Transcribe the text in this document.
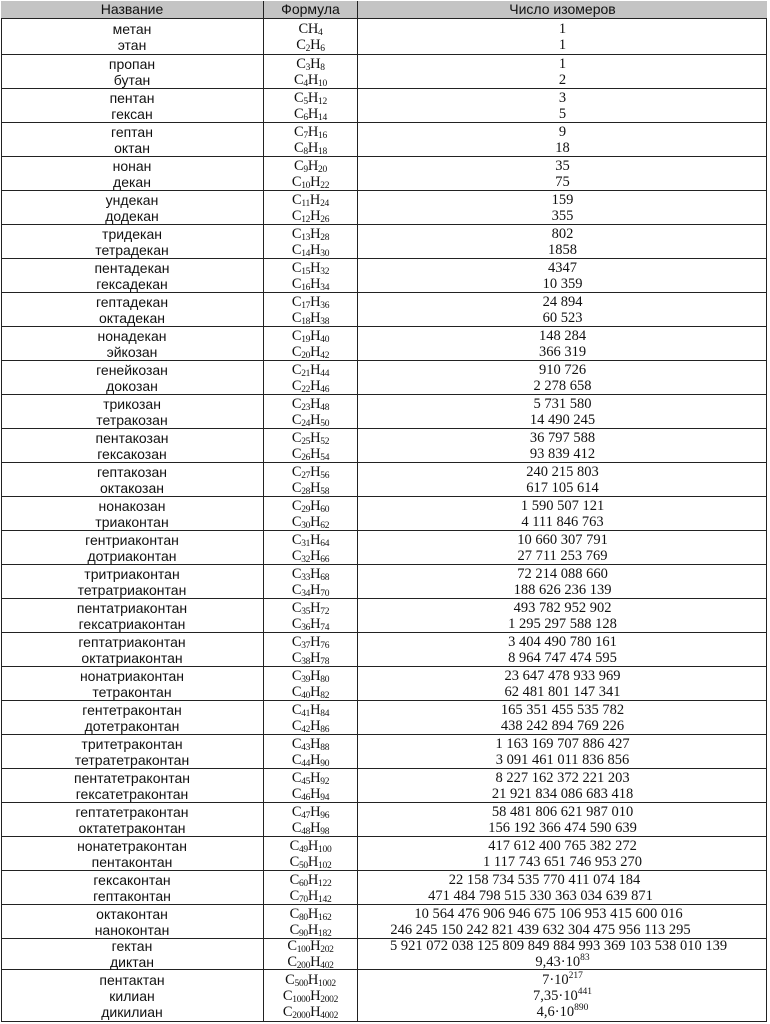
Название	Формула	Число изомеров
метан
этан
$CH_4$
$C_2H_6$
1
1
пропан
бутан
$C_3H_8$
$C_4H_{10}$
1
2
пентан
гексан
$C_5H_{12}$
$C_6H_{14}$
3
5
гептан
октан
$C_7H_{16}$
$C_8H_{18}$
9
18
нонан
декан
$C_9H_{20}$
$C_{10}H_{22}$
35
75
ундекан
додекан
$C_{11}H_{24}$
$C_{12}H_{26}$
159
355
тридекан
тетрадекан
$C_{13}H_{28}$
$C_{14}H_{30}$
802
1858
пентадекан
гексадекан
$C_{15}H_{32}$
$C_{16}H_{34}$
4347
10 359
гептадекан
октадекан
$C_{17}H_{36}$
$C_{18}H_{38}$
24 894
60 523
нонадекан
эйкозан
$C_{19}H_{40}$
$C_{20}H_{42}$
148 284
366 319
генейкозан
докозан
$C_{21}H_{44}$
$C_{22}H_{46}$
910 726
2 278 658
трикозан
тетракозан
$C_{23}H_{48}$
$C_{24}H_{50}$
5 731 580
14 490 245
пентакозан
гексакозан
$C_{25}H_{52}$
$C_{26}H_{54}$
36 797 588
93 839 412
гептакозан
октакозан
$C_{27}H_{56}$
$C_{28}H_{58}$
240 215 803
617 105 614
нонакозан
триаконтан
$C_{29}H_{60}$
$C_{30}H_{62}$
1 590 507 121
4 111 846 763
гентриаконтан
дотриаконтан
$C_{31}H_{64}$
$C_{32}H_{66}$
10 660 307 791
27 711 253 769
тритриаконтан
тетратриаконтан
$C_{33}H_{68}$
$C_{34}H_{70}$
72 214 088 660
188 626 236 139
пентатриаконтан
гексатриаконтан
$C_{35}H_{72}$
$C_{36}H_{74}$
493 782 952 902
1 295 297 588 128
гептатриаконтан
октатриаконтан
$C_{37}H_{76}$
$C_{38}H_{78}$
3 404 490 780 161
8 964 747 474 595
нонатриаконтан
тетраконтан
$C_{39}H_{80}$
$C_{40}H_{82}$
23 647 478 933 969
62 481 801 147 341
гентетраконтан
дотетраконтан
$C_{41}H_{84}$
$C_{42}H_{86}$
165 351 455 535 782
438 242 894 769 226
тритетраконтан
тетратетраконтан
$C_{43}H_{88}$
$C_{44}H_{90}$
1 163 169 707 886 427
3 091 461 011 836 856
пентатетраконтан
гексатетраконтан
$C_{45}H_{92}$
$C_{46}H_{94}$
8 227 162 372 221 203
21 921 834 086 683 418
гептатетраконтан
октатетраконтан
$C_{47}H_{96}$
$C_{48}H_{98}$
58 481 806 621 987 010
156 192 366 474 590 639
нонатетраконтан
пентаконтан
$C_{49}H_{100}$
$C_{50}H_{102}$
417 612 400 765 382 272
1 117 743 651 746 953 270
гексаконтан
гептаконтан
$C_{60}H_{122}$
$C_{70}H_{142}$
22 158 734 535 770 411 074 184
471 484 798 515 330 363 034 639 871
октаконтан
наноконтан
$C_{80}H_{162}$
$C_{90}H_{182}$
10 564 476 906 946 675 106 953 415 600 016
246 245 150 242 821 439 632 304 475 956 113 295
гектан
диктан
$C_{100}H_{202}$
$C_{200}H_{402}$
5 921 072 038 125 809 849 884 993 369 103 538 010 139
$9,43\cdot 10^{83}$
пентактан
килиан
дикилиан
$C_{500}H_{1002}$
$C_{1000}H_{2002}$
$C_{2000}H_{4002}$
$7\cdot 10^{217}$
$7,35\cdot 10^{441}$
$4,6\cdot 10^{890}$
